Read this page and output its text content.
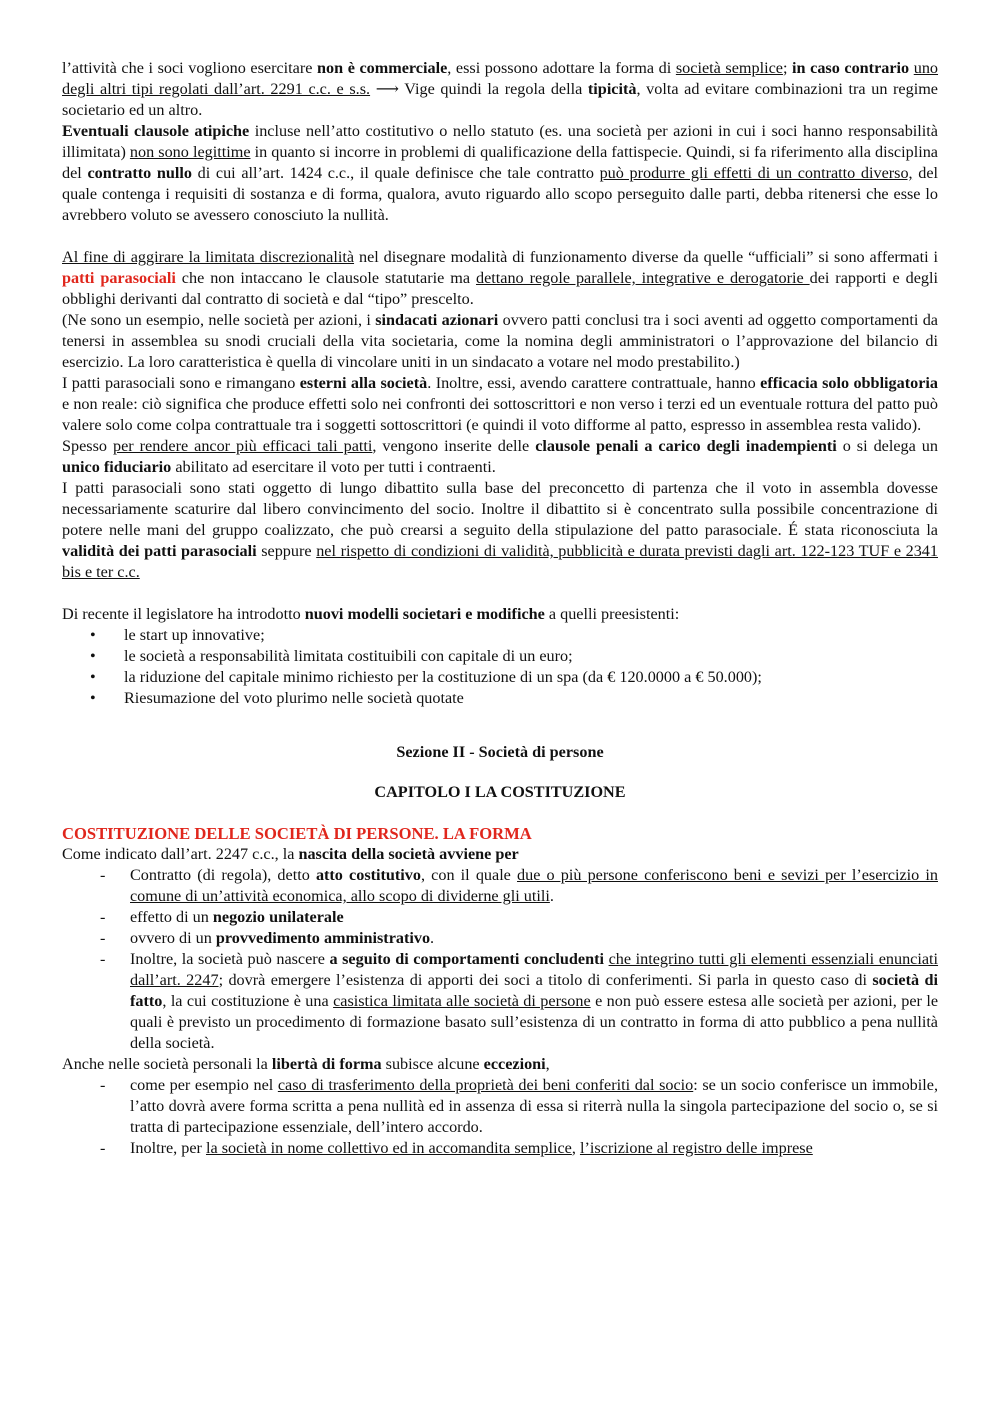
l’attività che i soci vogliono esercitare non è commerciale, essi possono adottare la forma di società semplice; in caso contrario uno degli altri tipi regolati dall’art. 2291 c.c. e s.s. ⟶ Vige quindi la regola della tipicità, volta ad evitare combinazioni tra un regime societario ed un altro.

Eventuali clausole atipiche incluse nell’atto costitutivo o nello statuto (es. una società per azioni in cui i soci hanno responsabilità illimitata) non sono legittime in quanto si incorre in problemi di qualificazione della fattispecie. Quindi, si fa riferimento alla disciplina del contratto nullo di cui all’art. 1424 c.c., il quale definisce che tale contratto può produrre gli effetti di un contratto diverso, del quale contenga i requisiti di sostanza e di forma, qualora, avuto riguardo allo scopo perseguito dalle parti, debba ritenersi che esse lo avrebbero voluto se avessero conosciuto la nullità.

Al fine di aggirare la limitata discrezionalità nel disegnare modalità di funzionamento diverse da quelle “ufficiali” si sono affermati i patti parasociali che non intaccano le clausole statutarie ma dettano regole parallele, integrative e derogatorie dei rapporti e degli obblighi derivanti dal contratto di società e dal “tipo” prescelto.

(Ne sono un esempio, nelle società per azioni, i sindacati azionari ovvero patti conclusi tra i soci aventi ad oggetto comportamenti da tenersi in assemblea su snodi cruciali della vita societaria, come la nomina degli amministratori o l’approvazione del bilancio di esercizio. La loro caratteristica è quella di vincolare uniti in un sindacato a votare nel modo prestabilito.)

I patti parasociali sono e rimangano esterni alla società. Inoltre, essi, avendo carattere contrattuale, hanno efficacia solo obbligatoria e non reale: ciò significa che produce effetti solo nei confronti dei sottoscrittori e non verso i terzi ed un eventuale rottura del patto può valere solo come colpa contrattuale tra i soggetti sottoscrittori (e quindi il voto difforme al patto, espresso in assemblea resta valido).

Spesso per rendere ancor più efficaci tali patti, vengono inserite delle clausole penali a carico degli inadempienti o si delega un unico fiduciario abilitato ad esercitare il voto per tutti i contraenti.

I patti parasociali sono stati oggetto di lungo dibattito sulla base del preconcetto di partenza che il voto in assembla dovesse necessariamente scaturire dal libero convincimento del socio. Inoltre il dibattito si è concentrato sulla possibile concentrazione di potere nelle mani del gruppo coalizzato, che può crearsi a seguito della stipulazione del patto parasociale. É stata riconosciuta la validità dei patti parasociali seppure nel rispetto di condizioni di validità, pubblicità e durata previsti dagli art. 122-123 TUF e 2341 bis e ter c.c.

Di recente il legislatore ha introdotto nuovi modelli societari e modifiche a quelli preesistenti:

• le start up innovative;
• le società a responsabilità limitata costituibili con capitale di un euro;
• la riduzione del capitale minimo richiesto per la costituzione di un spa (da € 120.0000 a € 50.000);
• Riesumazione del voto plurimo nelle società quotate

Sezione II - Società di persone

CAPITOLO I LA COSTITUZIONE

COSTITUZIONE DELLE SOCIETÀ DI PERSONE. LA FORMA

Come indicato dall’art. 2247 c.c., la nascita della società avviene per

- Contratto (di regola), detto atto costitutivo, con il quale due o più persone conferiscono beni e sevizi per l’esercizio in comune di un’attività economica, allo scopo di dividerne gli utili.
- effetto di un negozio unilaterale
- ovvero di un provvedimento amministrativo.
- Inoltre, la società può nascere a seguito di comportamenti concludenti che integrino tutti gli elementi essenziali enunciati dall’art. 2247; dovrà emergere l’esistenza di apporti dei soci a titolo di conferimenti. Si parla in questo caso di società di fatto, la cui costituzione è una casistica limitata alle società di persone e non può essere estesa alle società per azioni, per le quali è previsto un procedimento di formazione basato sull’esistenza di un contratto in forma di atto pubblico a pena nullità della società.

Anche nelle società personali la libertà di forma subisce alcune eccezioni,

- come per esempio nel caso di trasferimento della proprietà dei beni conferiti dal socio: se un socio conferisce un immobile, l’atto dovrà avere forma scritta a pena nullità ed in assenza di essa si riterrà nulla la singola partecipazione del socio o, se si tratta di partecipazione essenziale, dell’intero accordo.
- Inoltre, per la società in nome collettivo ed in accomandita semplice, l’iscrizione al registro delle imprese
